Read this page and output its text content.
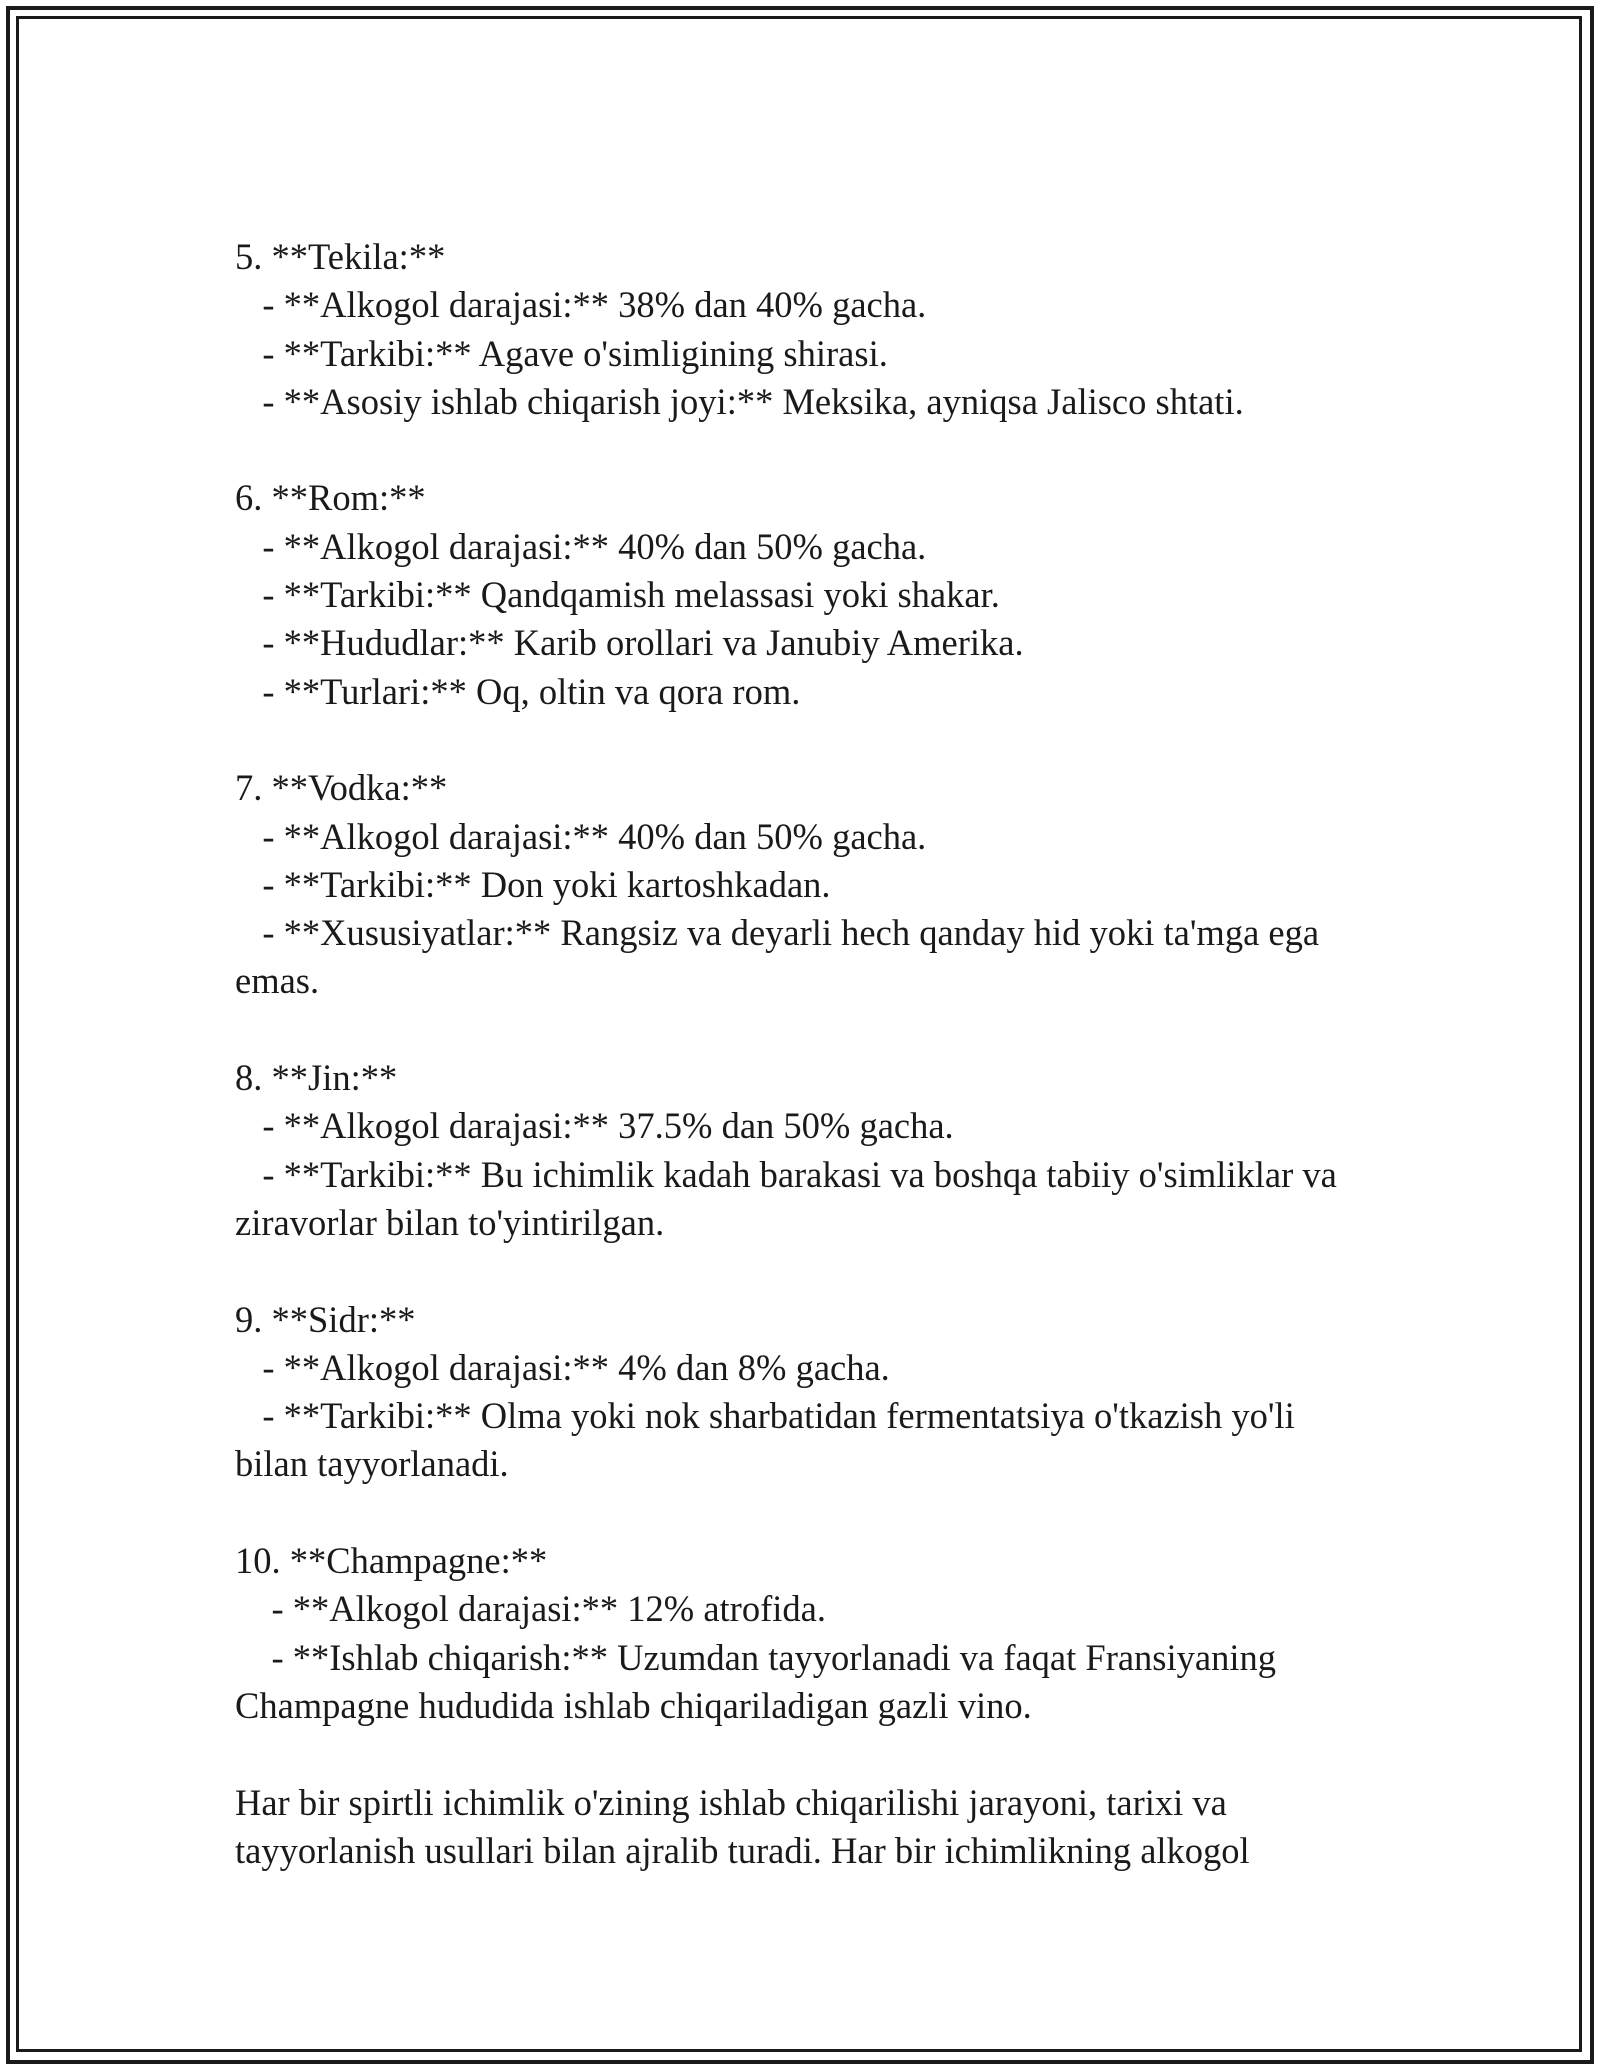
5. **Tekila:**
- **Alkogol darajasi:** 38% dan 40% gacha.
- **Tarkibi:** Agave o'simligining shirasi.
- **Asosiy ishlab chiqarish joyi:** Meksika, ayniqsa Jalisco shtati.
6. **Rom:**
- **Alkogol darajasi:** 40% dan 50% gacha.
- **Tarkibi:** Qandqamish melassasi yoki shakar.
- **Hududlar:** Karib orollari va Janubiy Amerika.
- **Turlari:** Oq, oltin va qora rom.
7. **Vodka:**
- **Alkogol darajasi:** 40% dan 50% gacha.
- **Tarkibi:** Don yoki kartoshkadan.
- **Xususiyatlar:** Rangsiz va deyarli hech qanday hid yoki ta'mga ega
emas.
8. **Jin:**
- **Alkogol darajasi:** 37.5% dan 50% gacha.
- **Tarkibi:** Bu ichimlik kadah barakasi va boshqa tabiiy o'simliklar va
ziravorlar bilan to'yintirilgan.
9. **Sidr:**
- **Alkogol darajasi:** 4% dan 8% gacha.
- **Tarkibi:** Olma yoki nok sharbatidan fermentatsiya o'tkazish yo'li
bilan tayyorlanadi.
10. **Champagne:**
- **Alkogol darajasi:** 12% atrofida.
- **Ishlab chiqarish:** Uzumdan tayyorlanadi va faqat Fransiyaning
Champagne hududida ishlab chiqariladigan gazli vino.
Har bir spirtli ichimlik o'zining ishlab chiqarilishi jarayoni, tarixi va
tayyorlanish usullari bilan ajralib turadi. Har bir ichimlikning alkogol
